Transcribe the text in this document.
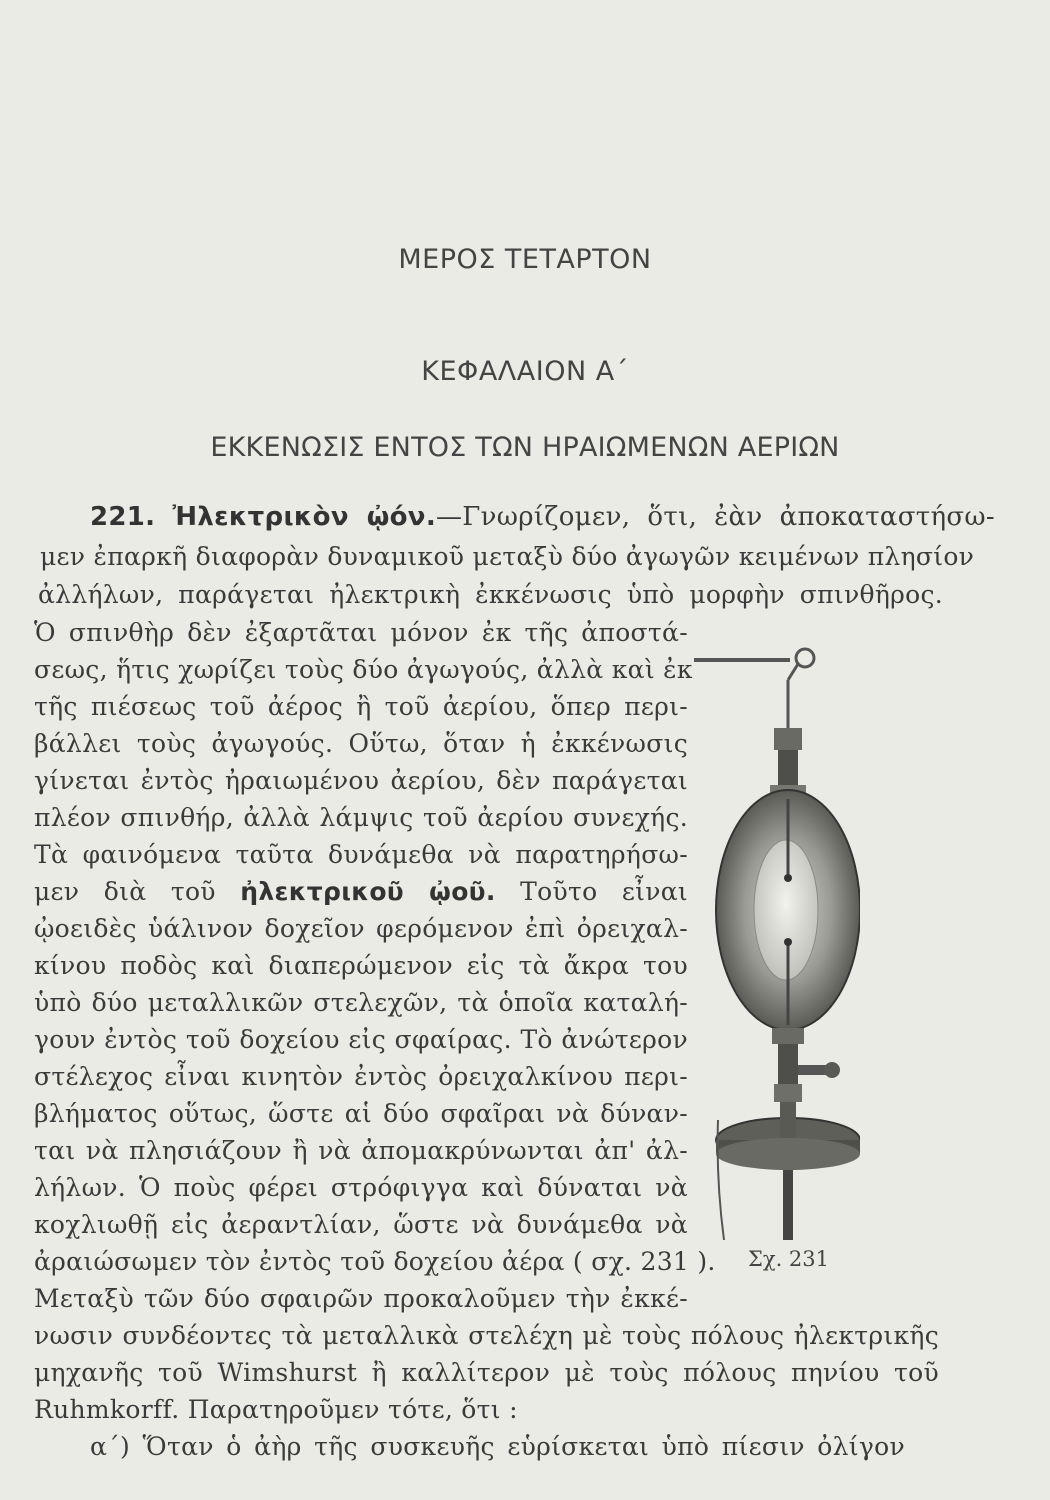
ΜΕΡΟΣ ΤΕΤΑΡΤΟΝ
ΚΕΦΑΛΑΙΟΝ Α΄
ΕΚΚΕΝΩΣΙΣ ΕΝΤΟΣ ΤΩΝ ΗΡΑΙΩΜΕΝΩΝ ΑΕΡΙΩΝ
221. Ἠλεκτρικὸν ᾠόν.—Γνωρίζομεν, ὅτι, ἐὰν ἀποκαταστήσω-
μεν ἐπαρκῆ διαφορὰν δυναμικοῦ μεταξὺ δύο ἀγωγῶν κειμένων πλησίον
ἀλλήλων, παράγεται ἠλεκτρικὴ ἐκκένωσις ὑπὸ μορφὴν σπινθῆρος.
Ὁ σπινθὴρ δὲν ἐξαρτᾶται μόνον ἐκ τῆς ἀποστά-
σεως, ἥτις χωρίζει τοὺς δύο ἀγωγούς, ἀλλὰ καὶ ἐκ
τῆς πιέσεως τοῦ ἀέρος ἢ τοῦ ἀερίου, ὅπερ περι-
βάλλει τοὺς ἀγωγούς. Οὕτω, ὅταν ἡ ἐκκένωσις
γίνεται ἐντὸς ἠραιωμένου ἀερίου, δὲν παράγεται
πλέον σπινθήρ, ἀλλὰ λάμψις τοῦ ἀερίου συνεχής.
Τὰ φαινόμενα ταῦτα δυνάμεθα νὰ παρατηρήσω-
μεν διὰ τοῦ ἠλεκτρικοῦ ᾠοῦ. Τοῦτο εἶναι
ᾠοειδὲς ὑάλινον δοχεῖον φερόμενον ἐπὶ ὀρειχαλ-
κίνου ποδὸς καὶ διαπερώμενον εἰς τὰ ἄκρα του
ὑπὸ δύο μεταλλικῶν στελεχῶν, τὰ ὁποῖα καταλή-
γουν ἐντὸς τοῦ δοχείου εἰς σφαίρας. Τὸ ἀνώτερον
στέλεχος εἶναι κινητὸν ἐντὸς ὀρειχαλκίνου περι-
βλήματος οὕτως, ὥστε αἱ δύο σφαῖραι νὰ δύναν-
ται νὰ πλησιάζουν ἢ νὰ ἀπομακρύνωνται ἀπ' ἀλ-
λήλων. Ὁ ποὺς φέρει στρόφιγγα καὶ δύναται νὰ
κοχλιωθῇ εἰς ἀεραντλίαν, ὥστε νὰ δυνάμεθα νὰ
ἀραιώσωμεν τὸν ἐντὸς τοῦ δοχείου ἀέρα ( σχ. 231 ).
Μεταξὺ τῶν δύο σφαιρῶν προκαλοῦμεν τὴν ἐκκέ-
νωσιν συνδέοντες τὰ μεταλλικὰ στελέχη μὲ τοὺς πόλους ἠλεκτρικῆς
μηχανῆς τοῦ Wimshurst ἢ καλλίτερον μὲ τοὺς πόλους πηνίου τοῦ
Ruhmkorff. Παρατηροῦμεν τότε, ὅτι :
α΄) Ὅταν ὁ ἀὴρ τῆς συσκευῆς εὑρίσκεται ὑπὸ πίεσιν ὀλίγον
Σχ. 231
